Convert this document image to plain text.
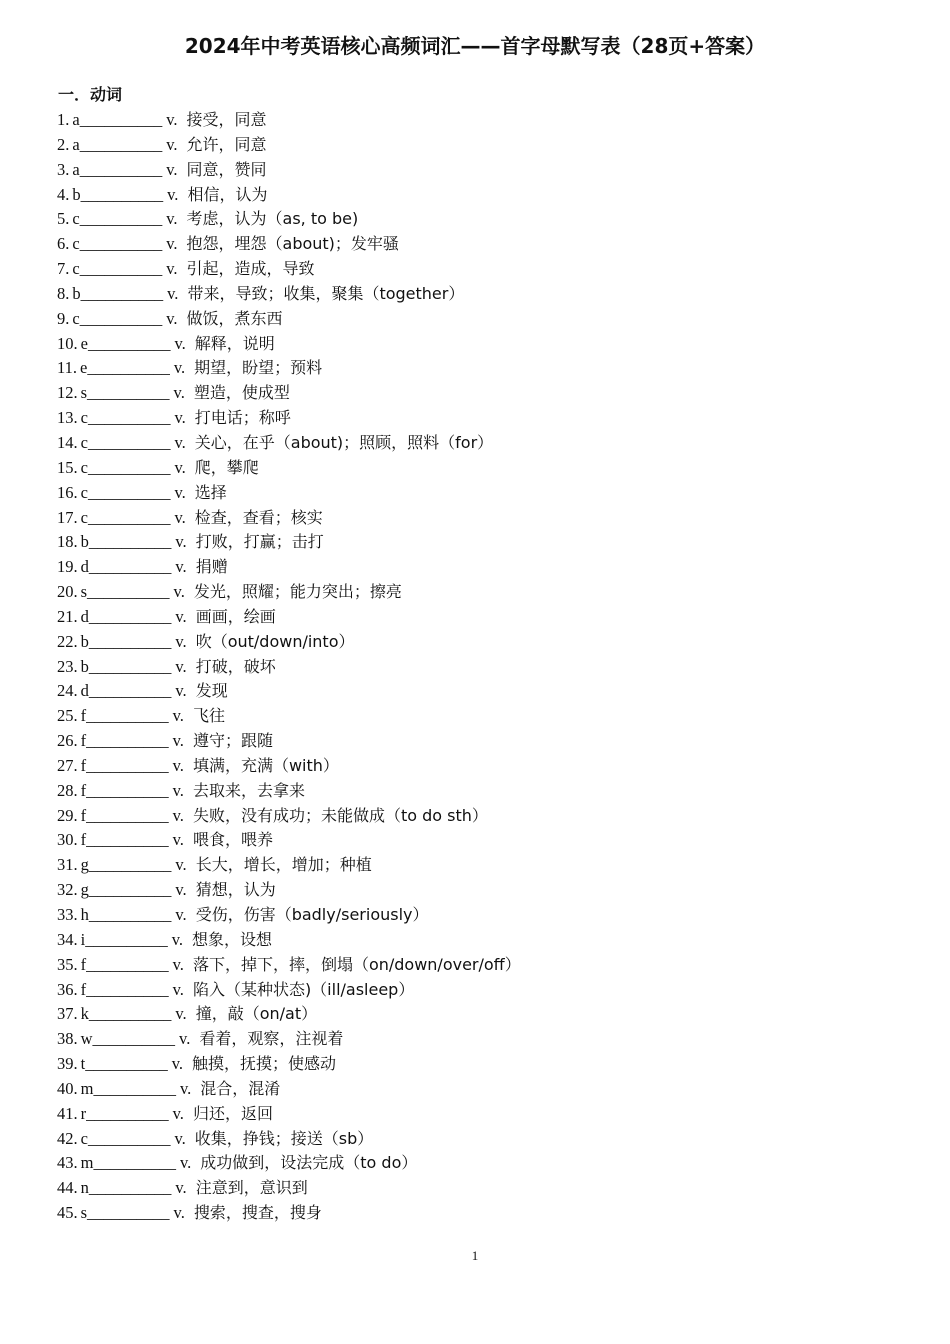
2024年中考英语核心高频词汇——首字母默写表（28页+答案）
一．动词
1. a__________ v. 接受，同意
2. a__________ v. 允许，同意
3. a__________ v. 同意，赞同
4. b__________ v. 相信，认为
5. c__________ v. 考虑，认为（as, to be)
6. c__________ v. 抱怨，埋怨（about)；发牢骚
7. c__________ v. 引起，造成，导致
8. b__________ v. 带来，导致；收集，聚集（together）
9. c__________ v. 做饭，煮东西
10. e__________ v. 解释，说明
11. e__________ v. 期望，盼望；预料
12. s__________ v. 塑造，使成型
13. c__________ v. 打电话；称呼
14. c__________ v. 关心，在乎（about)；照顾，照料（for）
15. c__________ v. 爬，攀爬
16. c__________ v. 选择
17. c__________ v. 检查，查看；核实
18. b__________ v. 打败，打赢；击打
19. d__________ v. 捐赠
20. s__________ v. 发光，照耀；能力突出；擦亮
21. d__________ v. 画画，绘画
22. b__________ v. 吹（out/down/into）
23. b__________ v. 打破，破坏
24. d__________ v. 发现
25. f__________ v. 飞往
26. f__________ v. 遵守；跟随
27. f__________ v. 填满，充满（with）
28. f__________ v. 去取来，去拿来
29. f__________ v. 失败，没有成功；未能做成（to do sth）
30. f__________ v. 喂食，喂养
31. g__________ v. 长大，增长，增加；种植
32. g__________ v. 猜想，认为
33. h__________ v. 受伤，伤害（badly/seriously）
34. i__________ v. 想象，设想
35. f__________ v. 落下，掉下，摔，倒塌（on/down/over/off）
36. f__________ v. 陷入（某种状态)（ill/asleep）
37. k__________ v. 撞，敲（on/at）
38. w__________ v. 看着，观察，注视着
39. t__________ v. 触摸，抚摸；使感动
40. m__________ v. 混合，混淆
41. r__________ v. 归还，返回
42. c__________ v. 收集，挣钱；接送（sb）
43. m__________ v. 成功做到，设法完成（to do）
44. n__________ v. 注意到，意识到
45. s__________ v. 搜索，搜查，搜身
1
